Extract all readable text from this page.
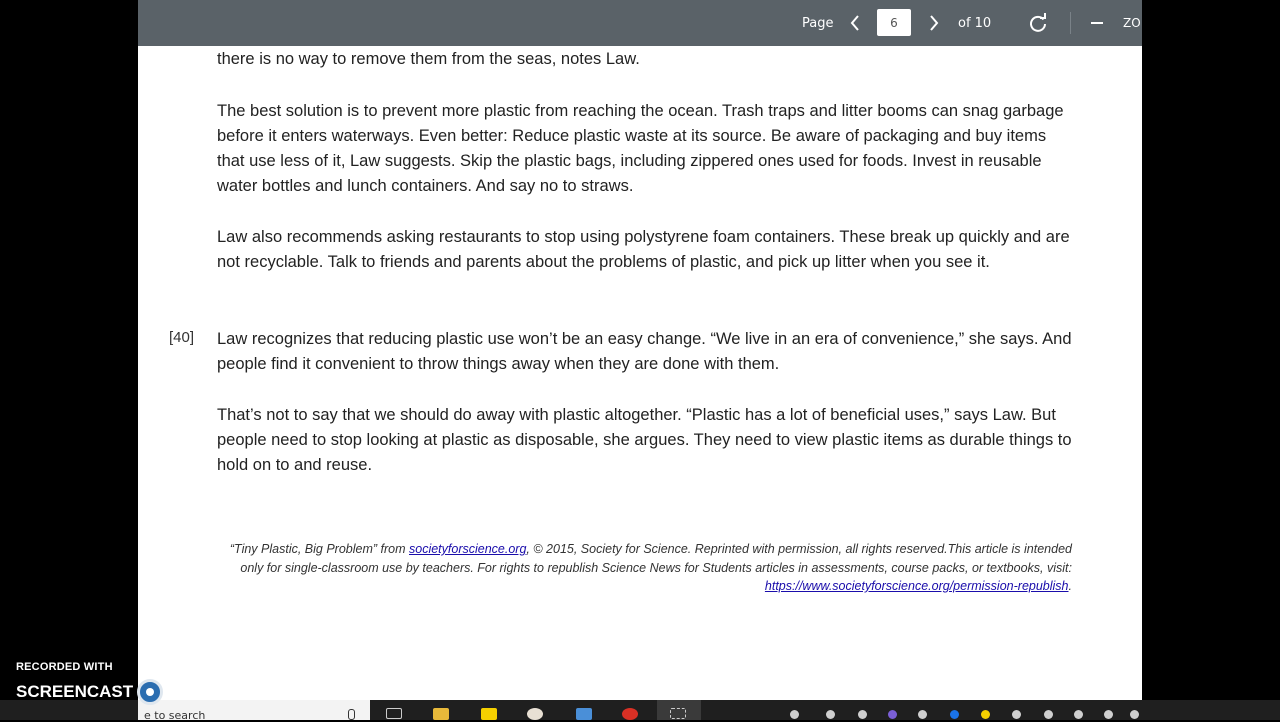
Page	6	of 10	ZO

there is no way to remove them from the seas, notes Law.

The best solution is to prevent more plastic from reaching the ocean. Trash traps and litter booms can snag garbage before it enters waterways. Even better: Reduce plastic waste at its source. Be aware of packaging and buy items that use less of it, Law suggests. Skip the plastic bags, including zippered ones used for foods. Invest in reusable water bottles and lunch containers. And say no to straws.

Law also recommends asking restaurants to stop using polystyrene foam containers. These break up quickly and are not recyclable. Talk to friends and parents about the problems of plastic, and pick up litter when you see it.

[40] Law recognizes that reducing plastic use won’t be an easy change. “We live in an era of convenience,” she says. And people find it convenient to throw things away when they are done with them.

That’s not to say that we should do away with plastic altogether. “Plastic has a lot of beneficial uses,” says Law. But people need to stop looking at plastic as disposable, she argues. They need to view plastic items as durable things to hold on to and reuse.

“Tiny Plastic, Big Problem” from societyforscience.org, © 2015, Society for Science. Reprinted with permission, all rights reserved.This article is intended only for single-classroom use by teachers. For rights to republish Science News for Students articles in assessments, course packs, or textbooks, visit: https://www.societyforscience.org/permission-republish.

e to search
RECORDED WITH
SCREENCAST MATIC
